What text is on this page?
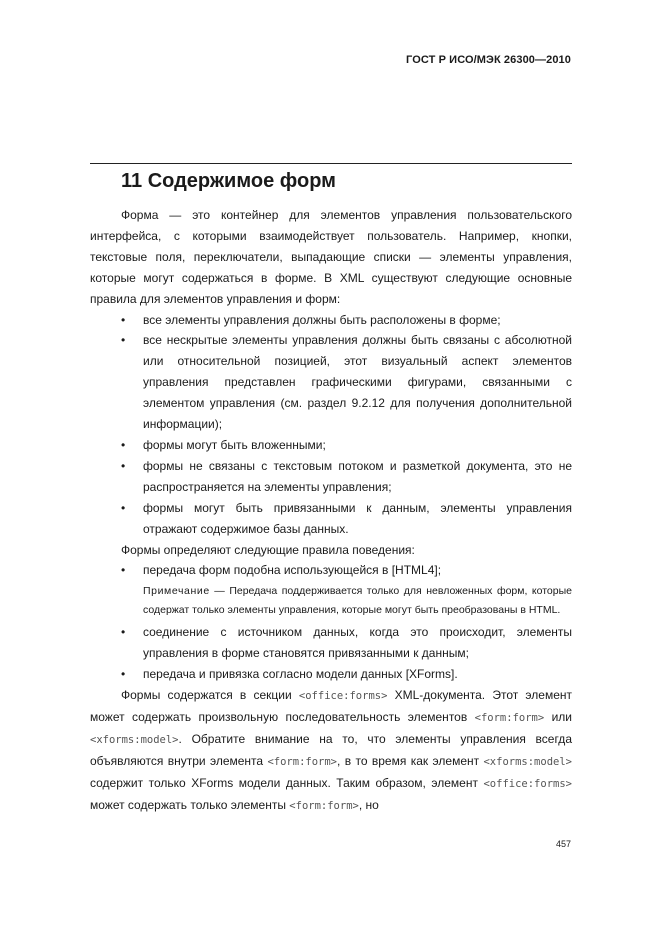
ГОСТ Р ИСО/МЭК 26300—2010
11 Содержимое форм

Форма — это контейнер для элементов управления пользовательского интерфейса, с которыми взаимодействует пользователь. Например, кнопки, текстовые поля, переключатели, выпадающие списки — элементы управления, которые могут содержаться в форме. В XML существуют следующие основные правила для элементов управления и форм:

• все элементы управления должны быть расположены в форме;
• все нескрытые элементы управления должны быть связаны с абсолютной или относительной позицией, этот визуальный аспект элементов управления представлен графическими фигурами, связанными с элементом управления (см. раздел 9.2.12 для получения дополнительной информации);
• формы могут быть вложенными;
• формы не связаны с текстовым потоком и разметкой документа, это не распространяется на элементы управления;
• формы могут быть привязанными к данным, элементы управления отражают содержимое базы данных.

Формы определяют следующие правила поведения:

• передача форм подобна использующейся в [HTML4];
Примечание — Передача поддерживается только для невложенных форм, которые содержат только элементы управления, которые могут быть преобразованы в HTML.
• соединение с источником данных, когда это происходит, элементы управления в форме становятся привязанными к данным;
• передача и привязка согласно модели данных [XForms].

Формы содержатся в секции <office:forms> XML-документа. Этот элемент может содержать произвольную последовательность элементов <form:form> или <xforms:model>. Обратите внимание на то, что элементы управления всегда объявляются внутри элемента <form:form>, в то время как элемент <xforms:model> содержит только XForms модели данных. Таким образом, элемент <office:forms> может содержать только элементы <form:form>, но

457
